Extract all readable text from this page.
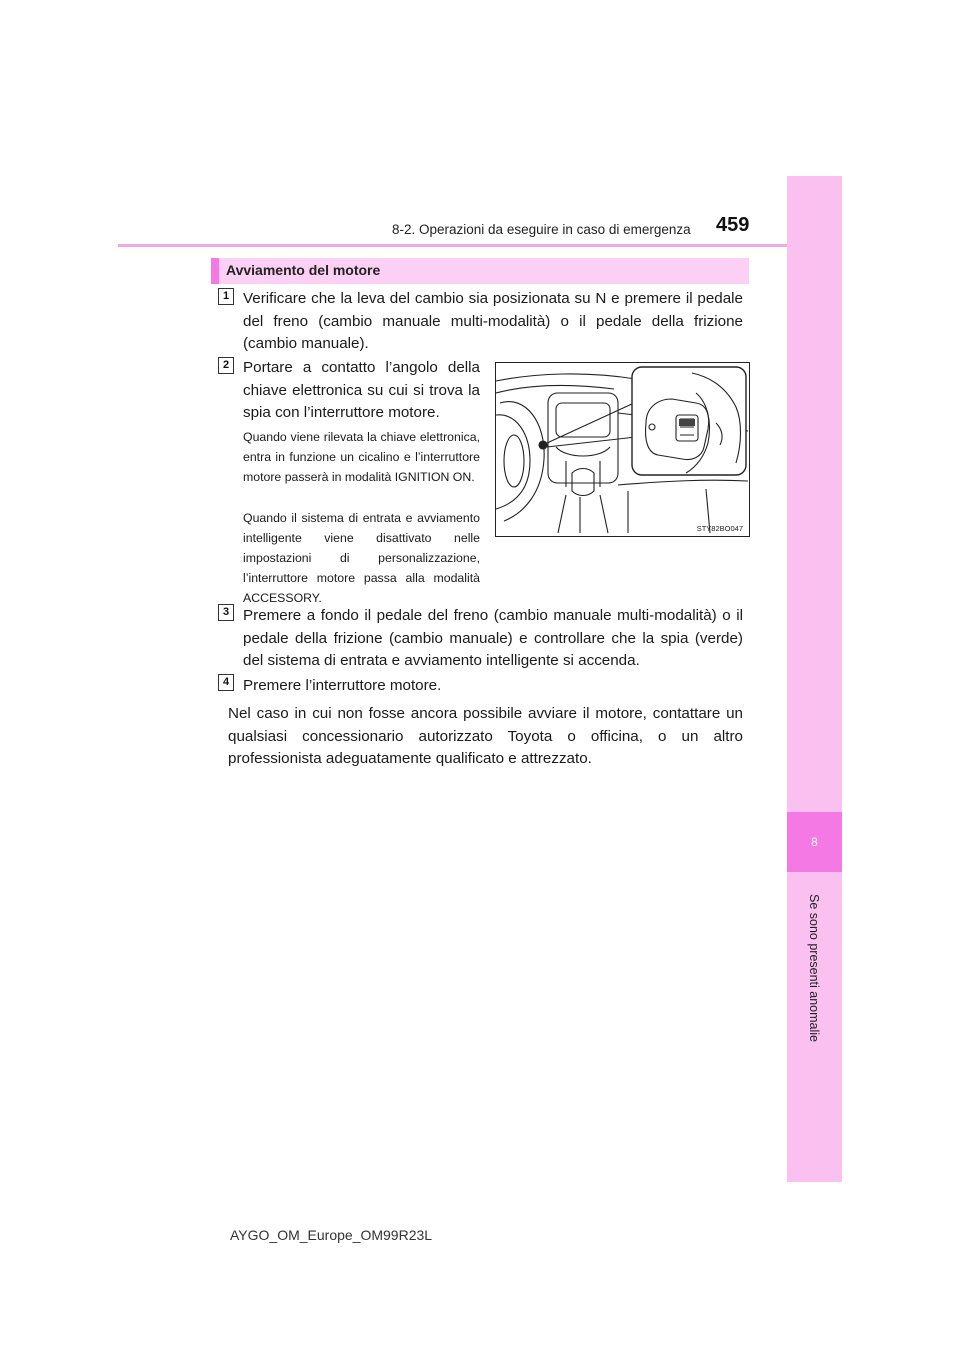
8-2. Operazioni da eseguire in caso di emergenza 459
8
Se sono presenti anomalie
Avviamento del motore
1 Verificare che la leva del cambio sia posizionata su N e premere il pedale del freno (cambio manuale multi-modalità) o il pedale della frizione (cambio manuale).
2 Portare a contatto l’angolo della chiave elettronica su cui si trova la spia con l’interruttore motore.
Quando viene rilevata la chiave elettronica, entra in funzione un cicalino e l’interruttore motore passerà in modalità IGNITION ON.
Quando il sistema di entrata e avviamento intelligente viene disattivato nelle impostazioni di personalizzazione, l’interruttore motore passa alla modalità ACCESSORY.
STY82BO047
3 Premere a fondo il pedale del freno (cambio manuale multi-modalità) o il pedale della frizione (cambio manuale) e controllare che la spia (verde) del sistema di entrata e avviamento intelligente si accenda.
4 Premere l’interruttore motore.
Nel caso in cui non fosse ancora possibile avviare il motore, contattare un qualsiasi concessionario autorizzato Toyota o officina, o un altro professionista adeguatamente qualificato e attrezzato.
AYGO_OM_Europe_OM99R23L
